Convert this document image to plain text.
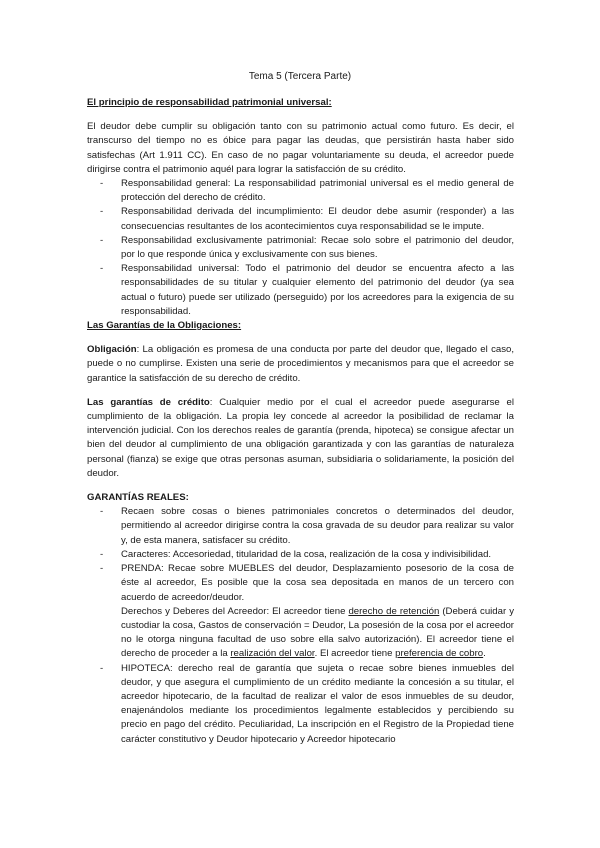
Tema 5 (Tercera Parte)

El principio de responsabilidad patrimonial universal:

El deudor debe cumplir su obligación tanto con su patrimonio actual como futuro. Es decir, el transcurso del tiempo no es óbice para pagar las deudas, que persistirán hasta haber sido satisfechas (Art 1.911 CC). En caso de no pagar voluntariamente su deuda, el acreedor puede dirigirse contra el patrimonio aquél para lograr la satisfacción de su crédito.

- Responsabilidad general: La responsabilidad patrimonial universal es el medio general de protección del derecho de crédito.
- Responsabilidad derivada del incumplimiento: El deudor debe asumir (responder) a las consecuencias resultantes de los acontecimientos cuya responsabilidad se le impute.
- Responsabilidad exclusivamente patrimonial: Recae solo sobre el patrimonio del deudor, por lo que responde única y exclusivamente con sus bienes.
- Responsabilidad universal: Todo el patrimonio del deudor se encuentra afecto a las responsabilidades de su titular y cualquier elemento del patrimonio del deudor (ya sea actual o futuro) puede ser utilizado (perseguido) por los acreedores para la exigencia de su responsabilidad.

Las Garantías de la Obligaciones:

Obligación: La obligación es promesa de una conducta por parte del deudor que, llegado el caso, puede o no cumplirse. Existen una serie de procedimientos y mecanismos para que el acreedor se garantice la satisfacción de su derecho de crédito.

Las garantías de crédito: Cualquier medio por el cual el acreedor puede asegurarse el cumplimiento de la obligación. La propia ley concede al acreedor la posibilidad de reclamar la intervención judicial. Con los derechos reales de garantía (prenda, hipoteca) se consigue afectar un bien del deudor al cumplimiento de una obligación garantizada y con las garantías de naturaleza personal (fianza) se exige que otras personas asuman, subsidiaria o solidariamente, la posición del deudor.

GARANTÍAS REALES:

- Recaen sobre cosas o bienes patrimoniales concretos o determinados del deudor, permitiendo al acreedor dirigirse contra la cosa gravada de su deudor para realizar su valor y, de esta manera, satisfacer su crédito.
- Caracteres: Accesoriedad, titularidad de la cosa, realización de la cosa y indivisibilidad.
- PRENDA: Recae sobre MUEBLES del deudor, Desplazamiento posesorio de la cosa de éste al acreedor, Es posible que la cosa sea depositada en manos de un tercero con acuerdo de acreedor/deudor.
Derechos y Deberes del Acreedor: El acreedor tiene derecho de retención (Deberá cuidar y custodiar la cosa, Gastos de conservación = Deudor, La posesión de la cosa por el acreedor no le otorga ninguna facultad de uso sobre ella salvo autorización). El acreedor tiene el derecho de proceder a la realización del valor. El acreedor tiene preferencia de cobro.
- HIPOTECA: derecho real de garantía que sujeta o recae sobre bienes inmuebles del deudor, y que asegura el cumplimiento de un crédito mediante la concesión a su titular, el acreedor hipotecario, de la facultad de realizar el valor de esos inmuebles de su deudor, enajenándolos mediante los procedimientos legalmente establecidos y percibiendo su precio en pago del crédito. Peculiaridad, La inscripción en el Registro de la Propiedad tiene carácter constitutivo y Deudor hipotecario y Acreedor hipotecario
